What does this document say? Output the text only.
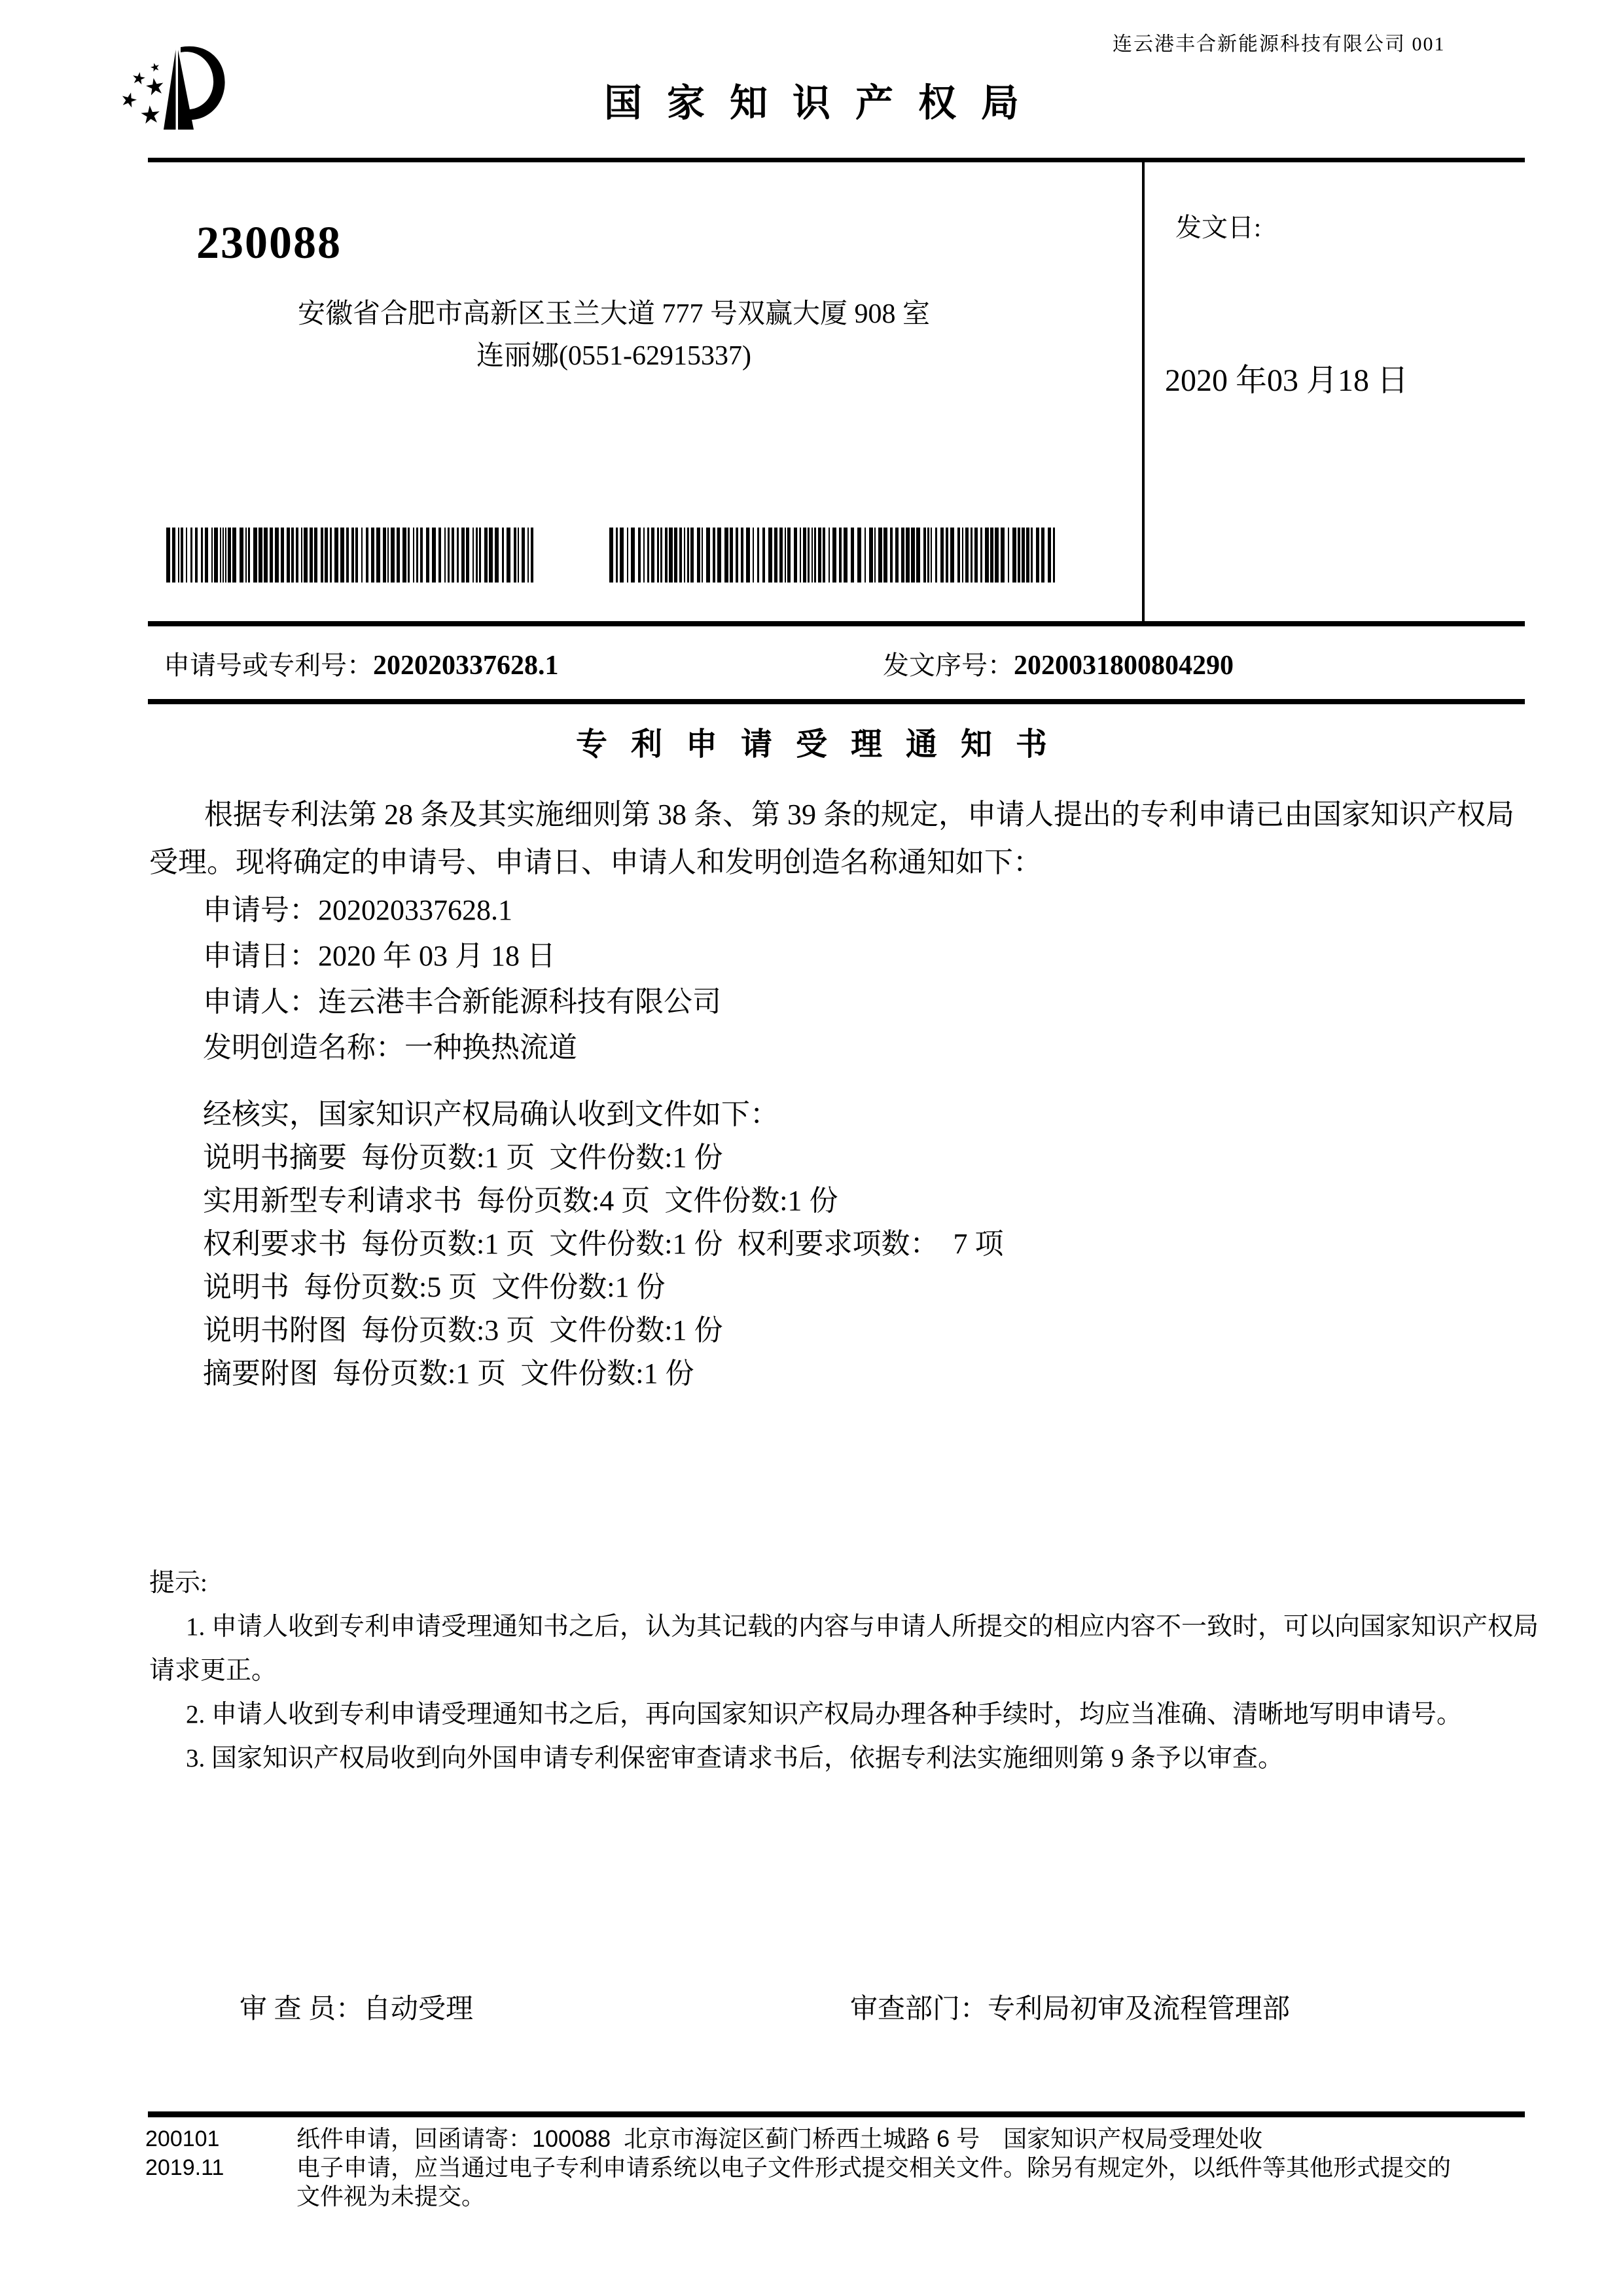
连云港丰合新能源科技有限公司 001
国家知识产权局
230088
安徽省合肥市高新区玉兰大道 777 号双赢大厦 908 室
连丽娜(0551-62915337)
发文日:
2020 年03 月18 日
申请号或专利号：202020337628.1	发文序号：2020031800804290
专利申请受理通知书
根据专利法第 28 条及其实施细则第 38 条、第 39 条的规定，申请人提出的专利申请已由国家知识产权局
受理。现将确定的申请号、申请日、申请人和发明创造名称通知如下：
申请号：202020337628.1
申请日：2020 年 03 月 18 日
申请人：连云港丰合新能源科技有限公司
发明创造名称：一种换热流道
经核实，国家知识产权局确认收到文件如下：
说明书摘要  每份页数:1 页  文件份数:1 份
实用新型专利请求书  每份页数:4 页  文件份数:1 份
权利要求书  每份页数:1 页  文件份数:1 份  权利要求项数：  7 项
说明书  每份页数:5 页  文件份数:1 份
说明书附图  每份页数:3 页  文件份数:1 份
摘要附图  每份页数:1 页  文件份数:1 份
提示:
1. 申请人收到专利申请受理通知书之后，认为其记载的内容与申请人所提交的相应内容不一致时，可以向国家知识产权局
请求更正。
2. 申请人收到专利申请受理通知书之后，再向国家知识产权局办理各种手续时，均应当准确、清晰地写明申请号。
3. 国家知识产权局收到向外国申请专利保密审查请求书后，依据专利法实施细则第 9 条予以审查。
审 查 员：自动受理	审查部门：专利局初审及流程管理部
200101
2019.11
纸件申请，回函请寄：100088  北京市海淀区蓟门桥西土城路 6 号　国家知识产权局受理处收
电子申请，应当通过电子专利申请系统以电子文件形式提交相关文件。除另有规定外，以纸件等其他形式提交的
文件视为未提交。
